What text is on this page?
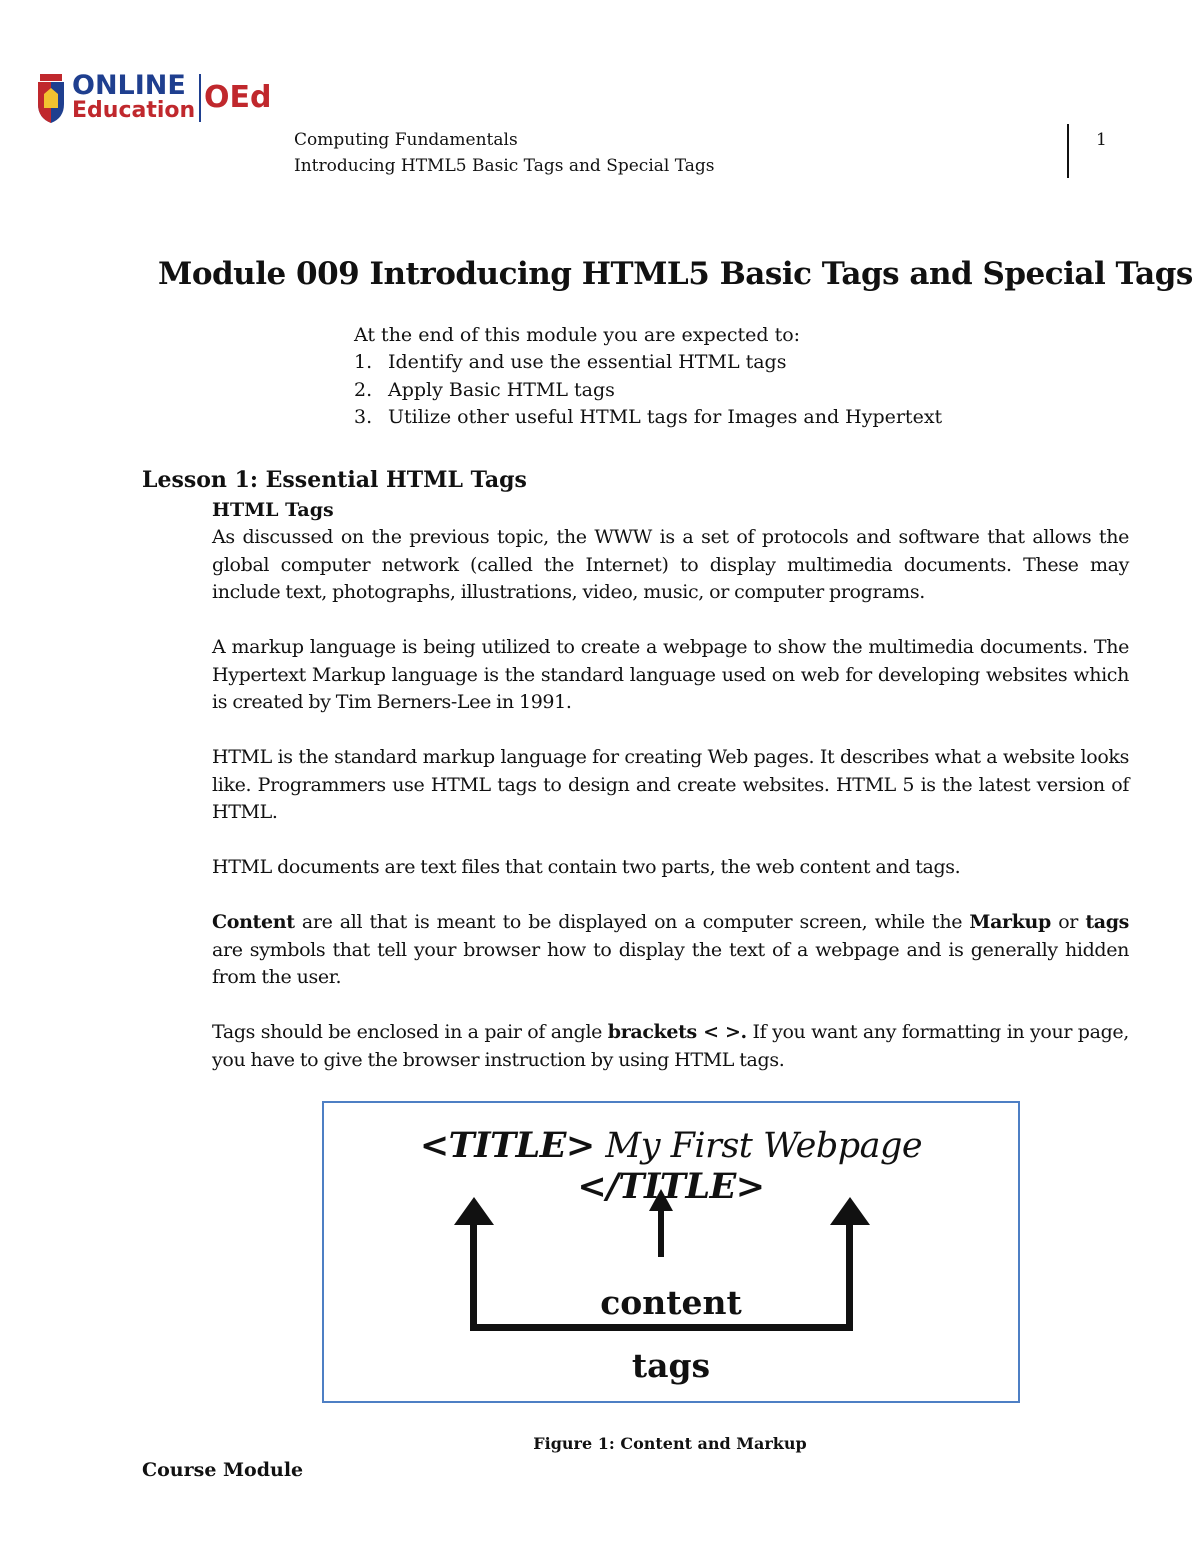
ONLINE
Education OEd
Computing Fundamentals
Introducing HTML5 Basic Tags and Special Tags
1
Module 009 Introducing HTML5 Basic Tags and Special Tags
At the end of this module you are expected to:
1. Identify and use the essential HTML tags
2. Apply Basic HTML tags
3. Utilize other useful HTML tags for Images and Hypertext
Lesson 1: Essential HTML Tags
HTML Tags
As discussed on the previous topic, the WWW is a set of protocols and software that allows the global computer network (called the Internet) to display multimedia documents. These may include text, photographs, illustrations, video, music, or computer programs.
A markup language is being utilized to create a webpage to show the multimedia documents. The Hypertext Markup language is the standard language used on web for developing websites which is created by Tim Berners-Lee in 1991.
HTML is the standard markup language for creating Web pages. It describes what a website looks like. Programmers use HTML tags to design and create websites. HTML 5 is the latest version of HTML.
HTML documents are text files that contain two parts, the web content and tags.
Content are all that is meant to be displayed on a computer screen, while the Markup or tags are symbols that tell your browser how to display the text of a webpage and is generally hidden from the user.
Tags should be enclosed in a pair of angle brackets < >. If you want any formatting in your page, you have to give the browser instruction by using HTML tags.
<TITLE> My First Webpage </TITLE>
content
tags
Figure 1: Content and Markup
Course Module
